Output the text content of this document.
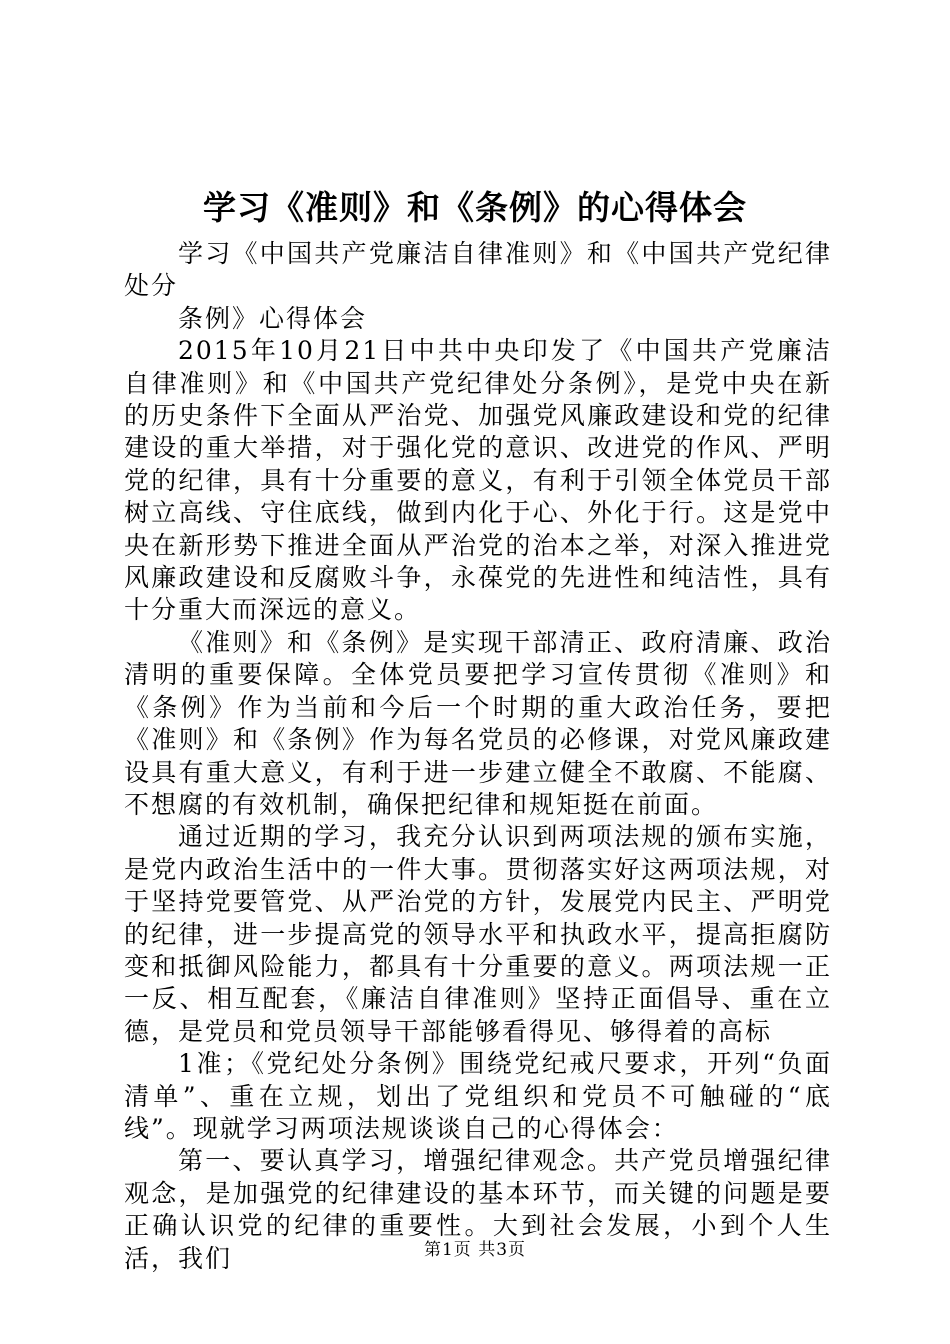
学习《准则》和《条例》的心得体会

学习《中国共产党廉洁自律准则》和《中国共产党纪律处分

条例》心得体会

2015年10月21日中共中央印发了《中国共产党廉洁自律准则》和《中国共产党纪律处分条例》，是党中央在新的历史条件下全面从严治党、加强党风廉政建设和党的纪律建设的重大举措，对于强化党的意识、改进党的作风、严明党的纪律，具有十分重要的意义，有利于引领全体党员干部树立高线、守住底线，做到内化于心、外化于行。这是党中央在新形势下推进全面从严治党的治本之举，对深入推进党风廉政建设和反腐败斗争，永葆党的先进性和纯洁性，具有十分重大而深远的意义。

《准则》和《条例》是实现干部清正、政府清廉、政治清明的重要保障。全体党员要把学习宣传贯彻《准则》和《条例》作为当前和今后一个时期的重大政治任务，要把《准则》和《条例》作为每名党员的必修课，对党风廉政建设具有重大意义，有利于进一步建立健全不敢腐、不能腐、不想腐的有效机制，确保把纪律和规矩挺在前面。

通过近期的学习，我充分认识到两项法规的颁布实施，是党内政治生活中的一件大事。贯彻落实好这两项法规，对于坚持党要管党、从严治党的方针，发展党内民主、严明党的纪律，进一步提高党的领导水平和执政水平，提高拒腐防变和抵御风险能力，都具有十分重要的意义。两项法规一正一反、相互配套，《廉洁自律准则》坚持正面倡导、重在立德，是党员和党员领导干部能够看得见、够得着的高标

1准；《党纪处分条例》围绕党纪戒尺要求，开列“负面清单”、重在立规，划出了党组织和党员不可触碰的“底线”。现就学习两项法规谈谈自己的心得体会：

第一、要认真学习，增强纪律观念。共产党员增强纪律观念，是加强党的纪律建设的基本环节，而关键的问题是要正确认识党的纪律的重要性。大到社会发展，小到个人生活，我们	第1页 共3页
